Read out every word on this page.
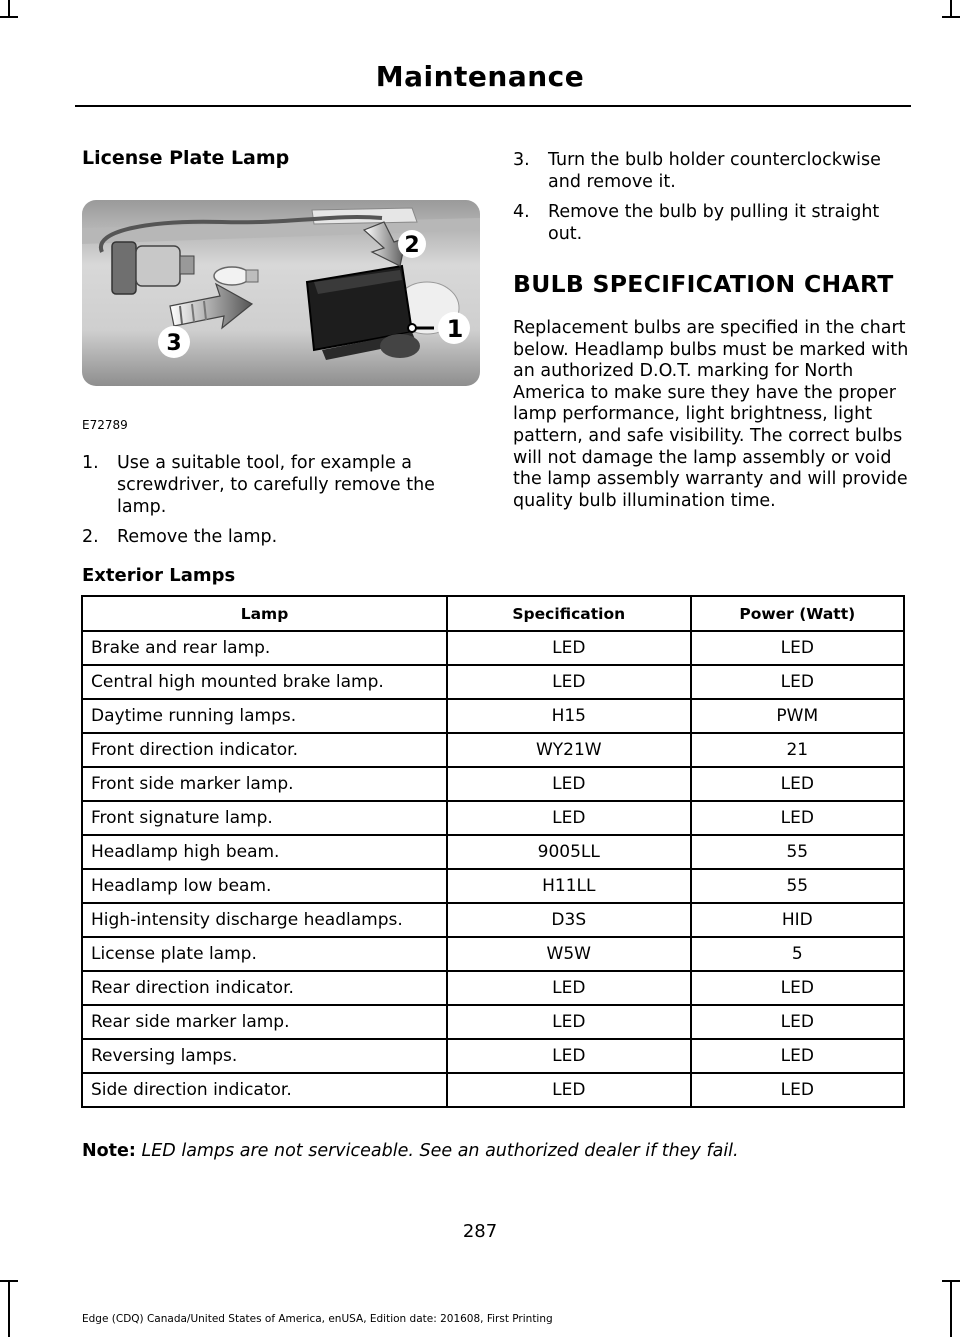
Maintenance
License Plate Lamp
2
1
3
E72789
1. Use a suitable tool, for example a screwdriver, to carefully remove the lamp.
2. Remove the lamp.
3. Turn the bulb holder counterclockwise and remove it.
4. Remove the bulb by pulling it straight out.
BULB SPECIFICATION CHART
Replacement bulbs are specified in the chart below. Headlamp bulbs must be marked with an authorized D.O.T. marking for North America to make sure they have the proper lamp performance, light brightness, light pattern, and safe visibility. The correct bulbs will not damage the lamp assembly or void the lamp assembly warranty and will provide quality bulb illumination time.
Exterior Lamps
Lamp	Specification	Power (Watt)
Brake and rear lamp.	LED	LED
Central high mounted brake lamp.	LED	LED
Daytime running lamps.	H15	PWM
Front direction indicator.	WY21W	21
Front side marker lamp.	LED	LED
Front signature lamp.	LED	LED
Headlamp high beam.	9005LL	55
Headlamp low beam.	H11LL	55
High-intensity discharge headlamps.	D3S	HID
License plate lamp.	W5W	5
Rear direction indicator.	LED	LED
Rear side marker lamp.	LED	LED
Reversing lamps.	LED	LED
Side direction indicator.	LED	LED
Note: LED lamps are not serviceable. See an authorized dealer if they fail.
287
Edge (CDQ) Canada/United States of America, enUSA, Edition date: 201608, First Printing
